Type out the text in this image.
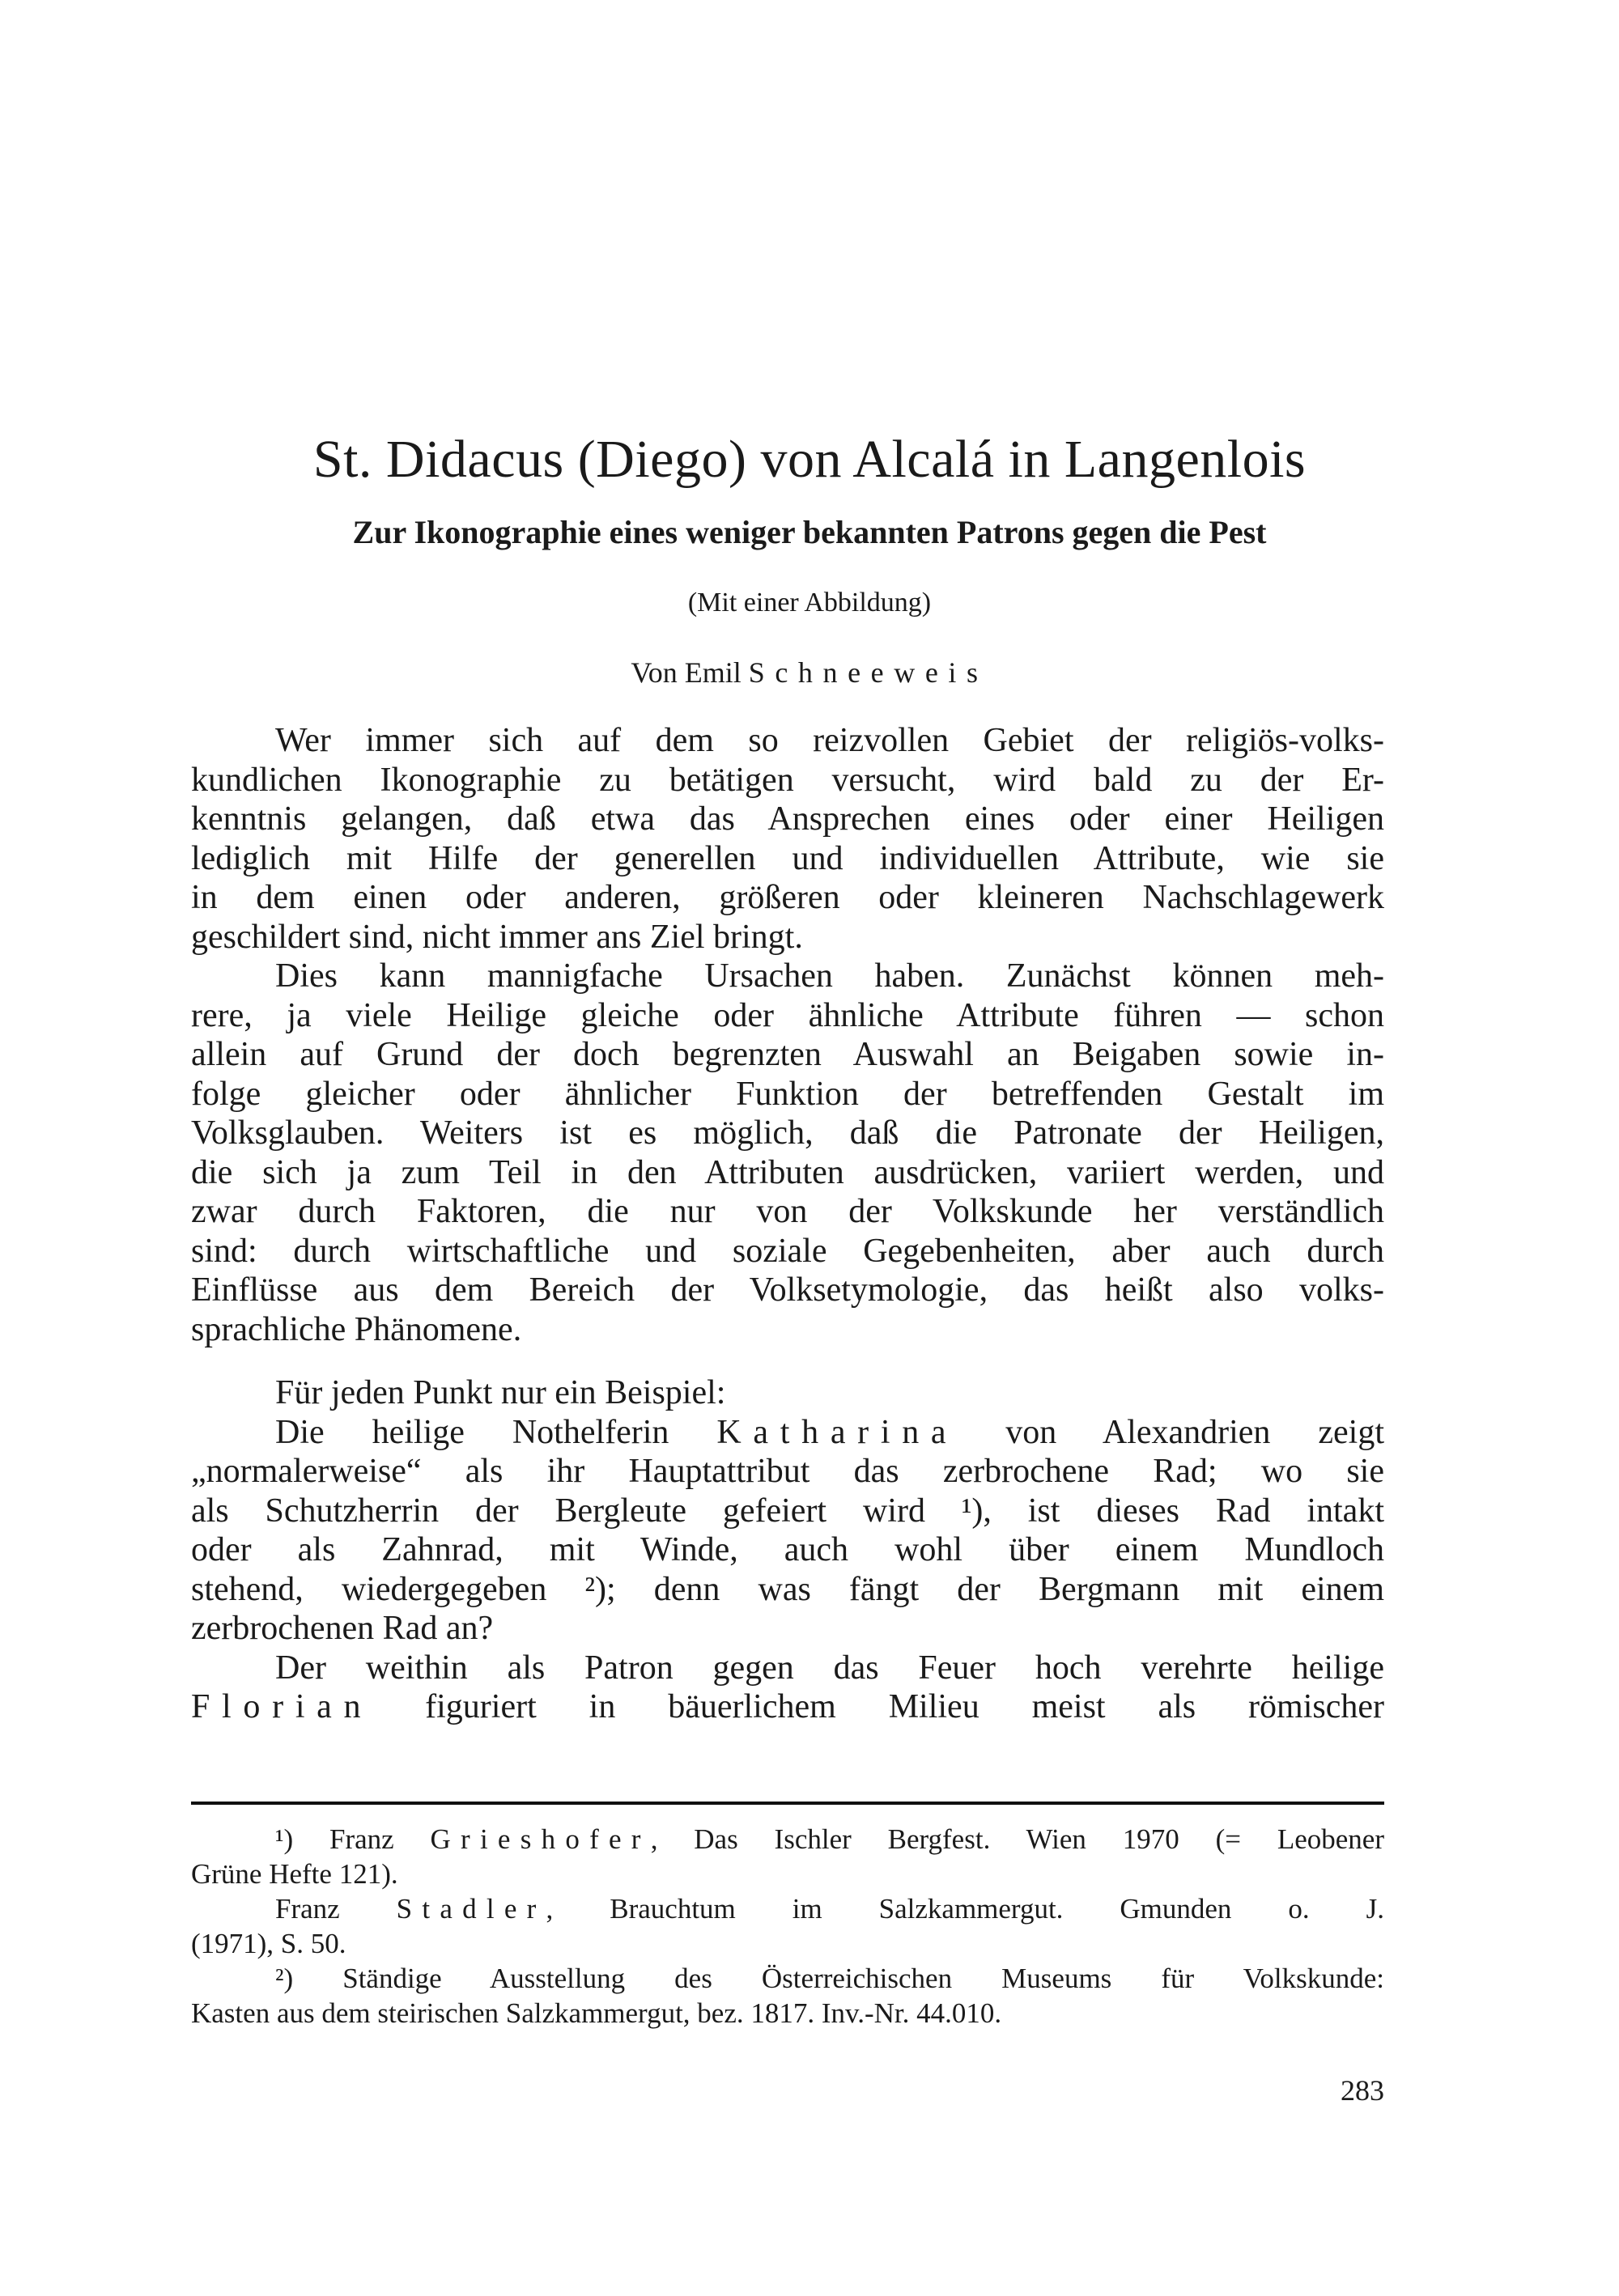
St. Didacus (Diego) von Alcalá in Langenlois
Zur Ikonographie eines weniger bekannten Patrons gegen die Pest
(Mit einer Abbildung)
Von Emil Schneeweis
Wer immer sich auf dem so reizvollen Gebiet der religiös-volks-
kundlichen Ikonographie zu betätigen versucht, wird bald zu der Er-
kenntnis gelangen, daß etwa das Ansprechen eines oder einer Heiligen
lediglich mit Hilfe der generellen und individuellen Attribute, wie sie
in dem einen oder anderen, größeren oder kleineren Nachschlagewerk
geschildert sind, nicht immer ans Ziel bringt.
Dies kann mannigfache Ursachen haben. Zunächst können meh-
rere, ja viele Heilige gleiche oder ähnliche Attribute führen — schon
allein auf Grund der doch begrenzten Auswahl an Beigaben sowie in-
folge gleicher oder ähnlicher Funktion der betreffenden Gestalt im
Volksglauben. Weiters ist es möglich, daß die Patronate der Heiligen,
die sich ja zum Teil in den Attributen ausdrücken, variiert werden, und
zwar durch Faktoren, die nur von der Volkskunde her verständlich
sind: durch wirtschaftliche und soziale Gegebenheiten, aber auch durch
Einflüsse aus dem Bereich der Volksetymologie, das heißt also volks-
sprachliche Phänomene.
Für jeden Punkt nur ein Beispiel:
Die heilige Nothelferin Katharina von Alexandrien zeigt
„normalerweise“ als ihr Hauptattribut das zerbrochene Rad; wo sie
als Schutzherrin der Bergleute gefeiert wird ¹), ist dieses Rad intakt
oder als Zahnrad, mit Winde, auch wohl über einem Mundloch
stehend, wiedergegeben ²); denn was fängt der Bergmann mit einem
zerbrochenen Rad an?
Der weithin als Patron gegen das Feuer hoch verehrte heilige
Florian figuriert in bäuerlichem Milieu meist als römischer
¹) Franz Grieshofer, Das Ischler Bergfest. Wien 1970 (= Leobener
Grüne Hefte 121).
Franz Stadler, Brauchtum im Salzkammergut. Gmunden o. J.
(1971), S. 50.
²) Ständige Ausstellung des Österreichischen Museums für Volkskunde:
Kasten aus dem steirischen Salzkammergut, bez. 1817. Inv.-Nr. 44.010.
283
